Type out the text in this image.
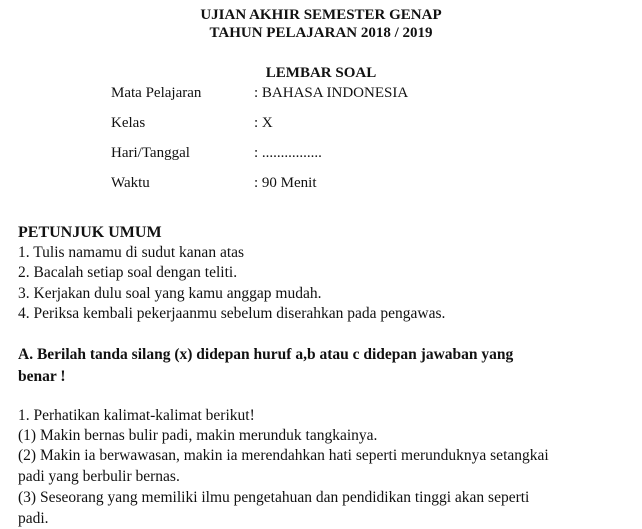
UJIAN AKHIR SEMESTER GENAP
TAHUN PELAJARAN 2018 / 2019
LEMBAR SOAL
Mata Pelajaran	: BAHASA INDONESIA
Kelas	: X
Hari/Tanggal	: ................
Waktu	: 90 Menit
PETUNJUK UMUM
1. Tulis namamu di sudut kanan atas
2. Bacalah setiap soal dengan teliti.
3. Kerjakan dulu soal yang kamu anggap mudah.
4. Periksa kembali pekerjaanmu sebelum diserahkan pada pengawas.
A. Berilah tanda silang (x) didepan huruf a,b atau c didepan jawaban yang
benar !
1. Perhatikan kalimat-kalimat berikut!
(1) Makin bernas bulir padi, makin merunduk tangkainya.
(2) Makin ia berwawasan, makin ia merendahkan hati seperti merunduknya setangkai
padi yang berbulir bernas.
(3) Seseorang yang memiliki ilmu pengetahuan dan pendidikan tinggi akan seperti
padi.
